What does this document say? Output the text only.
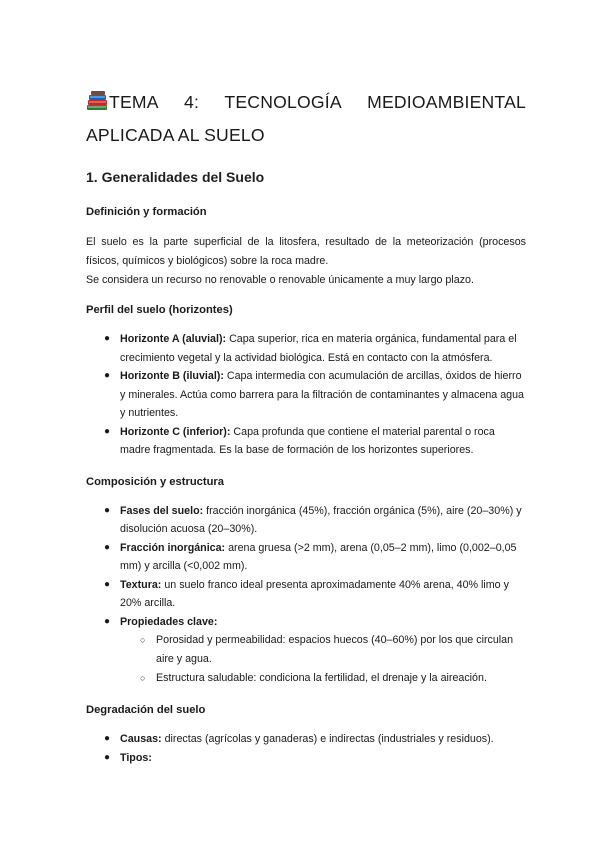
TEMA 4: TECNOLOGÍA MEDIOAMBIENTAL
APLICADA AL SUELO
1. Generalidades del Suelo
Definición y formación
El suelo es la parte superficial de la litosfera, resultado de la meteorización (procesos
físicos, químicos y biológicos) sobre la roca madre.
Se considera un recurso no renovable o renovable únicamente a muy largo plazo.
Perfil del suelo (horizontes)
● Horizonte A (aluvial): Capa superior, rica en materia orgánica, fundamental para el crecimiento vegetal y la actividad biológica. Está en contacto con la atmósfera.
● Horizonte B (iluvial): Capa intermedia con acumulación de arcillas, óxidos de hierro y minerales. Actúa como barrera para la filtración de contaminantes y almacena agua y nutrientes.
● Horizonte C (inferior): Capa profunda que contiene el material parental o roca madre fragmentada. Es la base de formación de los horizontes superiores.
Composición y estructura
● Fases del suelo: fracción inorgánica (45%), fracción orgánica (5%), aire (20–30%) y disolución acuosa (20–30%).
● Fracción inorgánica: arena gruesa (>2 mm), arena (0,05–2 mm), limo (0,002–0,05 mm) y arcilla (<0,002 mm).
● Textura: un suelo franco ideal presenta aproximadamente 40% arena, 40% limo y 20% arcilla.
● Propiedades clave:
○ Porosidad y permeabilidad: espacios huecos (40–60%) por los que circulan aire y agua.
○ Estructura saludable: condiciona la fertilidad, el drenaje y la aireación.
Degradación del suelo
● Causas: directas (agrícolas y ganaderas) e indirectas (industriales y residuos).
● Tipos:
